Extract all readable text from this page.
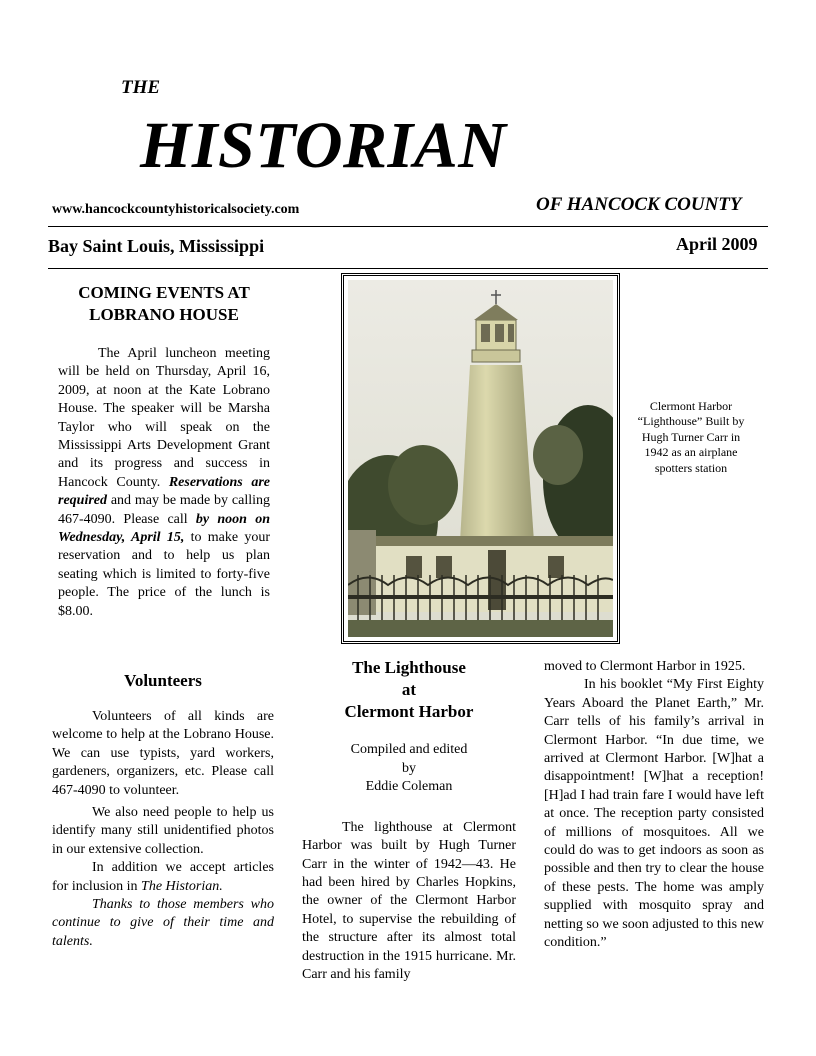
THE
HISTORIAN
www.hancockcountyhistoricalsociety.com	OF HANCOCK COUNTY
Bay Saint Louis, Mississippi	April 2009
COMING EVENTS AT
LOBRANO HOUSE

The April luncheon meeting will be held on Thursday, April 16, 2009, at noon at the Kate Lobrano House. The speaker will be Marsha Taylor who will speak on the Mississippi Arts Development Grant and its progress and success in Hancock County. Reservations are required and may be made by calling 467-4090. Please call by noon on Wednesday, April 15, to make your reservation and to help us plan seating which is limited to forty-five people. The price of the lunch is $8.00.

Volunteers

Volunteers of all kinds are welcome to help at the Lobrano House. We can use typists, yard workers, gardeners, organizers, etc. Please call 467-4090 to volunteer.

We also need people to help us identify many still unidentified photos in our extensive collection.

In addition we accept articles for inclusion in The Historian.

Thanks to those members who continue to give of their time and talents.

Clermont Harbor “Lighthouse” Built by Hugh Turner Carr in 1942 as an airplane spotters station
The Lighthouse
at
Clermont Harbor
Compiled and edited
by
Eddie Coleman

The lighthouse at Clermont Harbor was built by Hugh Turner Carr in the winter of 1942—43. He had been hired by Charles Hopkins, the owner of the Clermont Harbor Hotel, to supervise the rebuilding of the structure after its almost total destruction in the 1915 hurricane. Mr. Carr and his family

moved to Clermont Harbor in 1925.

In his booklet “My First Eighty Years Aboard the Planet Earth,” Mr. Carr tells of his family’s arrival in Clermont Harbor. “In due time, we arrived at Clermont Harbor. [W]hat a disappointment! [W]hat a reception! [H]ad I had train fare I would have left at once. The reception party consisted of millions of mosquitoes. All we could do was to get indoors as soon as possible and then try to clear the house of these pests. The home was amply supplied with mosquito spray and netting so we soon adjusted to this new condition.”
